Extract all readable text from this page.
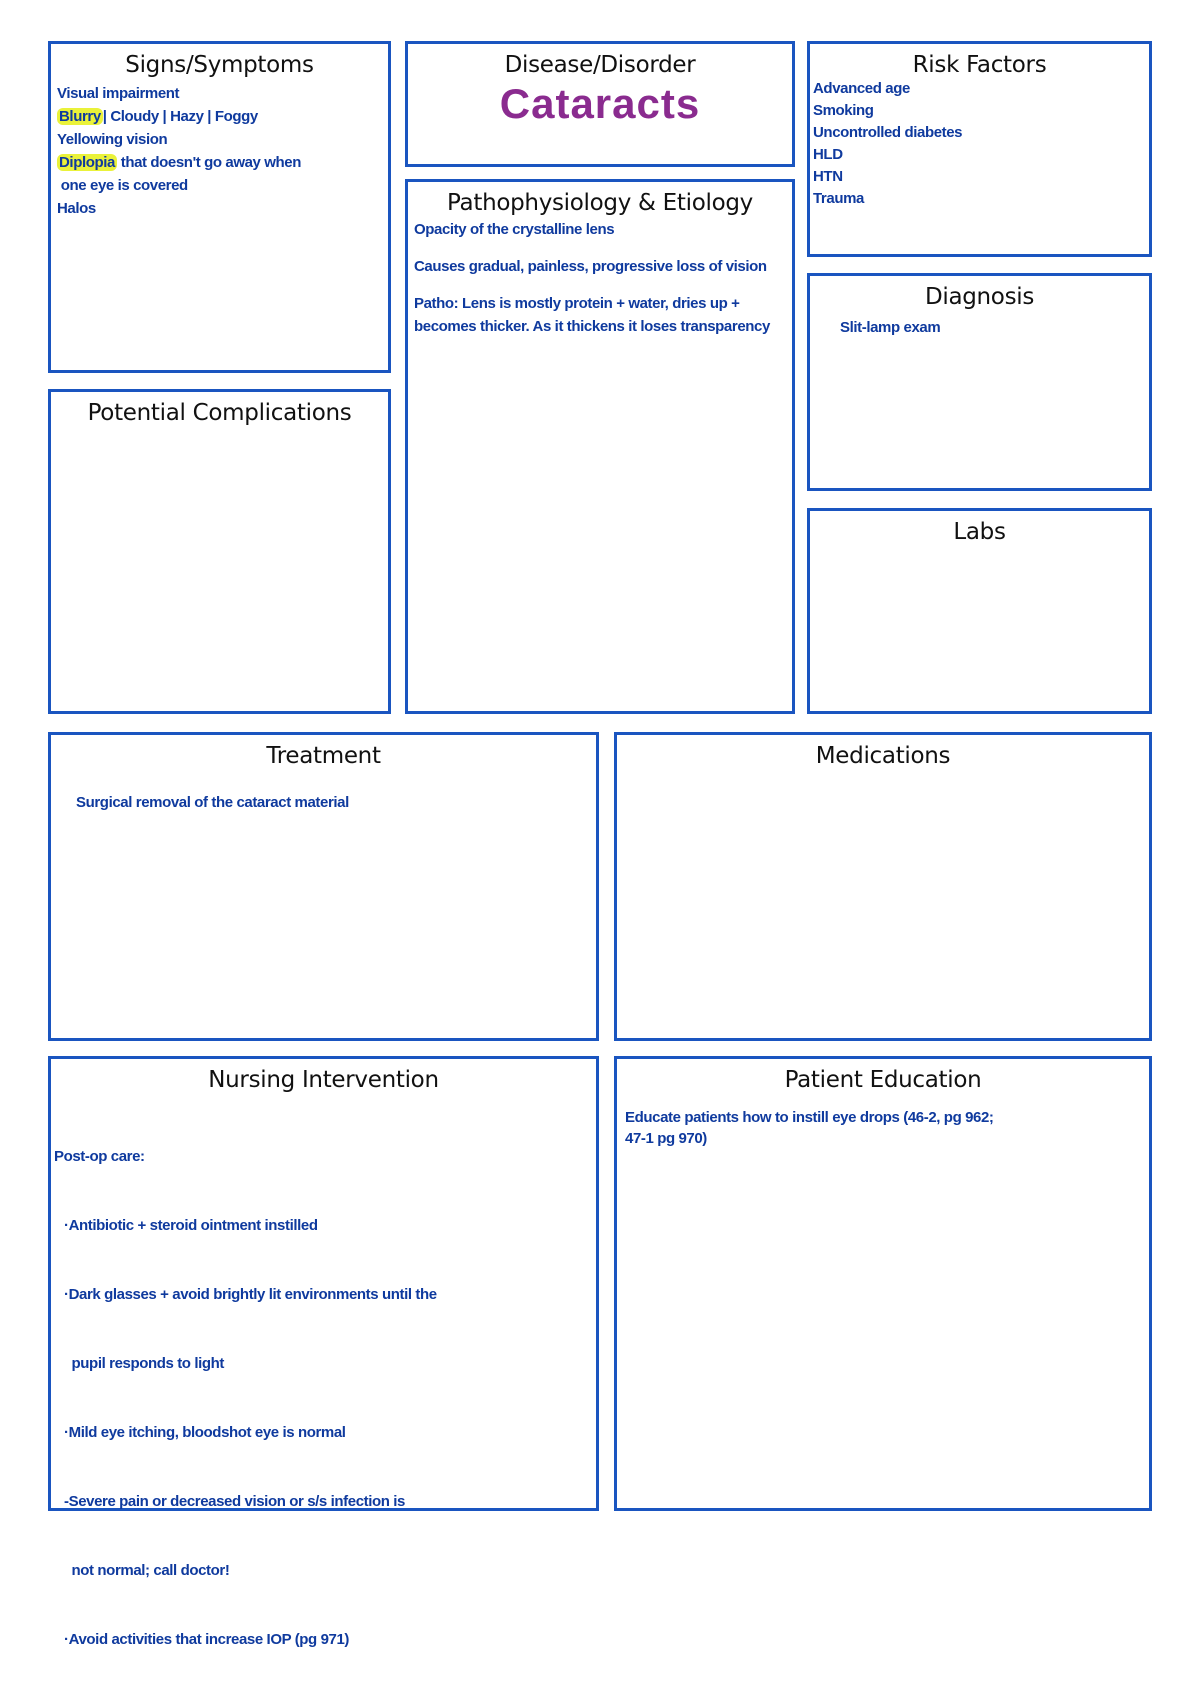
Signs/Symptoms

Visual impairment

Blurry | Cloudy | Hazy | Foggy

Yellowing vision

Diplopia that doesn't go away when

one eye is covered

Halos

Disease/Disorder
Cataracts
Risk Factors

Advanced age

Smoking

Uncontrolled diabetes

HLD

HTN

Trauma

Pathophysiology & Etiology

Opacity of the crystalline lens

Causes gradual, painless, progressive loss of vision

Patho: Lens is mostly protein + water, dries up + becomes thicker. As it thickens it loses transparency

Diagnosis

Slit-lamp exam

Labs
Potential Complications
Treatment

Surgical removal of the cataract material

Medications
Nursing Intervention

Post-op care:

·Antibiotic + steroid ointment instilled

·Dark glasses + avoid brightly lit environments until the

pupil responds to light

·Mild eye itching, bloodshot eye is normal

-Severe pain or decreased vision or s/s infection is

not normal; call doctor!

·Avoid activities that increase IOP (pg 971)

Patient Education

Educate patients how to instill eye drops (46-2, pg 962;

47-1 pg 970)
